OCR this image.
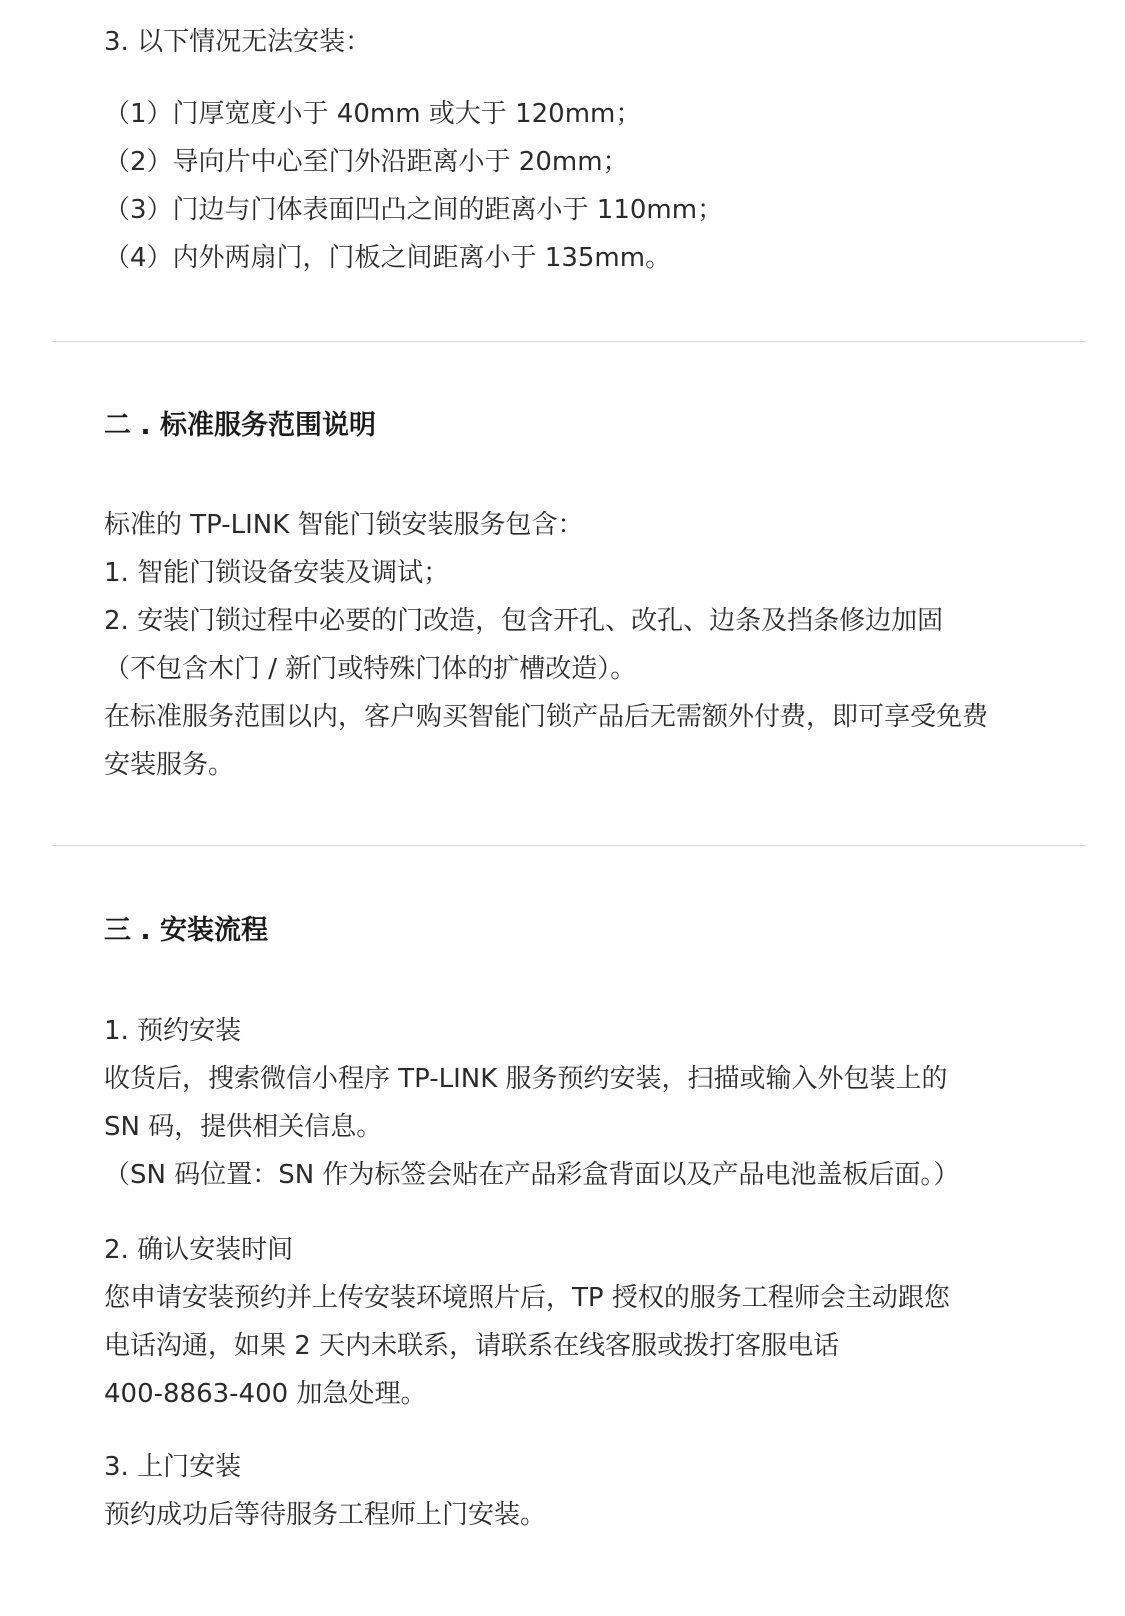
3. 以下情况无法安装：
（1）门厚宽度小于 40mm 或大于 120mm；
（2）导向片中心至门外沿距离小于 20mm；
（3）门边与门体表面凹凸之间的距离小于 110mm；
（4）内外两扇门，门板之间距离小于 135mm。
二 . 标准服务范围说明
标准的 TP-LINK 智能门锁安装服务包含：
1. 智能门锁设备安装及调试；
2. 安装门锁过程中必要的门改造，包含开孔、改孔、边条及挡条修边加固
（不包含木门 / 新门或特殊门体的扩槽改造）。
在标准服务范围以内，客户购买智能门锁产品后无需额外付费，即可享受免费
安装服务。
三 . 安装流程
1. 预约安装
收货后，搜索微信小程序 TP-LINK 服务预约安装，扫描或输入外包装上的
SN 码，提供相关信息。
（SN 码位置：SN 作为标签会贴在产品彩盒背面以及产品电池盖板后面。）
2. 确认安装时间
您申请安装预约并上传安装环境照片后，TP 授权的服务工程师会主动跟您
电话沟通，如果 2 天内未联系，请联系在线客服或拨打客服电话
400-8863-400 加急处理。
3. 上门安装
预约成功后等待服务工程师上门安装。
